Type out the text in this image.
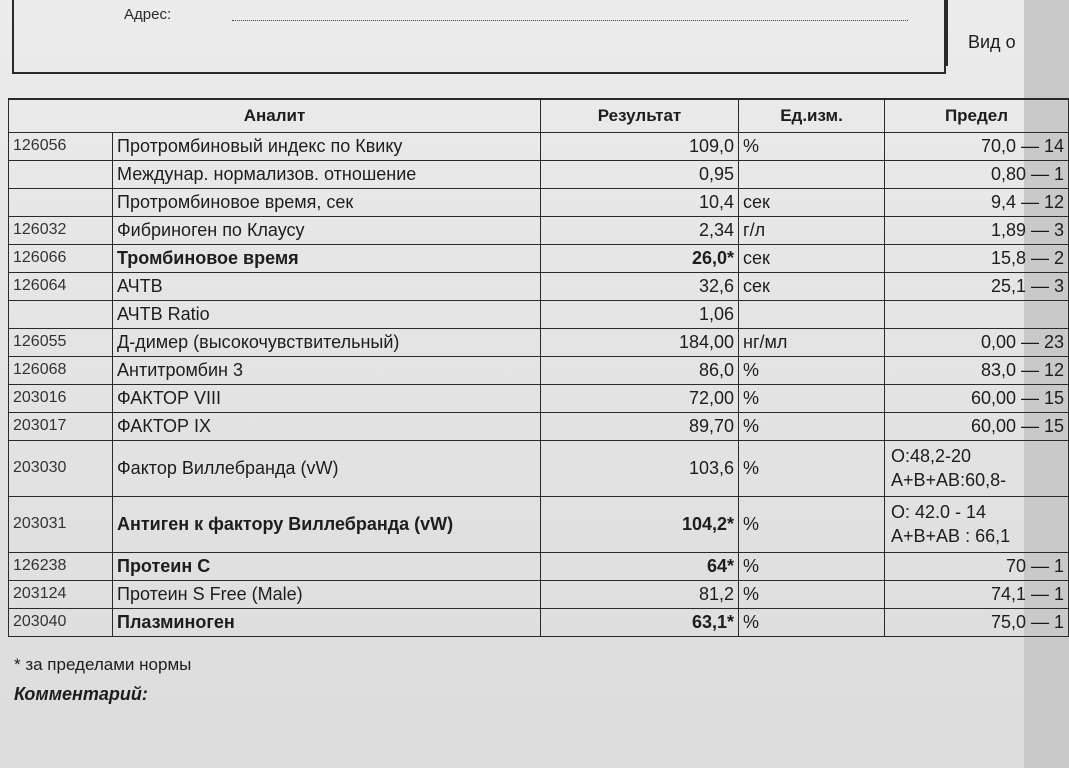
Адрес:
Вид о
Аналит		Результат	Ед.изм.	Предел
126056	Протромбиновый индекс по Квику	109,0	%	70,0 — 14
	Междунар. нормализов. отношение	0,95		0,80 — 1
	Протромбиновое время, сек	10,4	сек	9,4 — 12
126032	Фибриноген по Клаусу	2,34	г/л	1,89 — 3
126066	Тромбиновое время	26,0*	сек	15,8 — 2
126064	АЧТВ	32,6	сек	25,1 — 3
	АЧТВ Ratio	1,06		
126055	Д-димер (высокочувствительный)	184,00	нг/мл	0,00 — 23
126068	Антитромбин 3	86,0	%	83,0 — 12
203016	ФАКТОР VIII	72,00	%	60,00 — 15
203017	ФАКТОР IX	89,70	%	60,00 — 15
203030	Фактор Виллебранда (vW)	103,6	%	O:48,2-20
A+B+AB:60,8-

203031	Антиген к фактору Виллебранда (vW)	104,2*	%	O: 42.0 - 14
A+B+AB : 66,1

126238	Протеин С	64*	%	70 — 1
203124	Протеин S Free (Male)	81,2	%	74,1 — 1
203040	Плазминоген	63,1*	%	75,0 — 1
* за пределами нормы
Комментарий:
